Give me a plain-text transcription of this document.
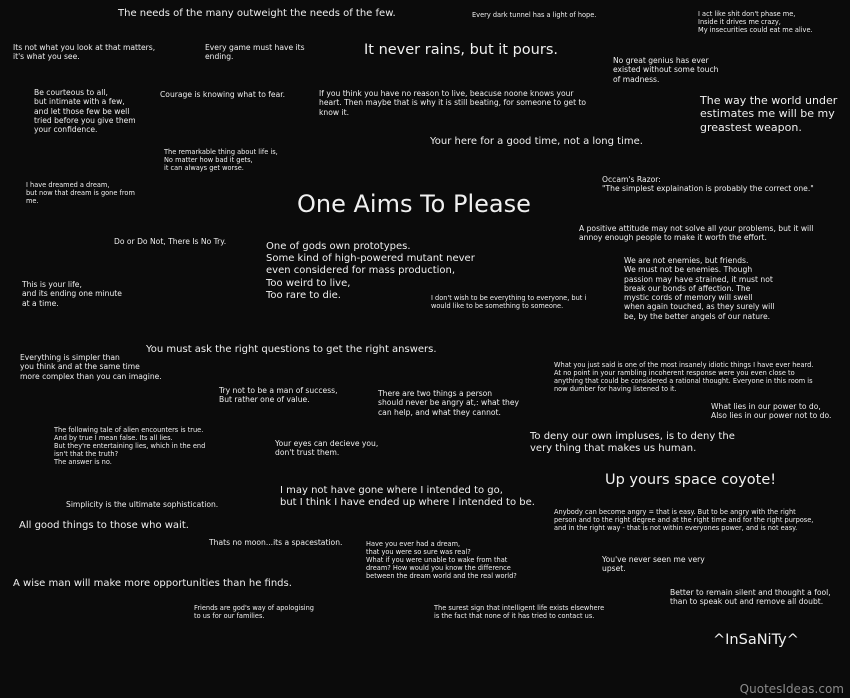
The needs of the many outweight the needs of the few.	Every dark tunnel has a light of hope.	I act like shit don't phase me,
Inside it drives me crazy,
My insecurities could eat me alive.
Its not what you look at that matters,
it's what you see.
Every game must have its
ending.	It never rains, but it pours.
No great genius has ever
existed without some touch
of madness.
Be courteous to all,
but intimate with a few,
and let those few be well
tried before you give them
your confidence.
Courage is knowing what to fear.	If you think you have no reason to live, beacuse noone knows your
heart. Then maybe that is why it is still beating, for someone to get to
know it.
The way the world under
estimates me will be my
greastest weapon.
The remarkable thing about life is,
No matter how bad it gets,
it can always get worse.
Your here for a good time, not a long time.
I have dreamed a dream,
but now that dream is gone from
me.
Occam's Razor:
"The simplest explaination is probably the correct one."
One Aims To Please
A positive attitude may not solve all your problems, but it will
annoy enough people to make it worth the effort.
Do or Do Not, There Is No Try.	One of gods own prototypes.
Some kind of high-powered mutant never
even considered for mass production,
Too weird to live,
Too rare to die.
We are not enemies, but friends.
We must not be enemies. Though
passion may have strained, it must not
break our bonds of affection. The
mystic cords of memory will swell
when again touched, as they surely will
be, by the better angels of our nature.
This is your life,
and its ending one minute
at a time.
I don't wish to be everything to everyone, but i
would like to be something to someone.
You must ask the right questions to get the right answers.
Everything is simpler than
you think and at the same time
more complex than you can imagine.
What you just said is one of the most insanely idiotic things I have ever heard.
At no point in your rambling incoherent response were you even close to
anything that could be considered a rational thought. Everyone in this room is
now dumber for having listened to it.
Try not to be a man of success,
But rather one of value.
There are two things a person
should never be angry at,: what they
can help, and what they cannot.
What lies in our power to do,
Also lies in our power not to do.
The following tale of alien encounters is true.
And by true I mean false. Its all lies.
But they're entertaining lies, which in the end
isn't that the truth?
The answer is no.
Your eyes can decieve you,
don't trust them.
To deny our own impluses, is to deny the
very thing that makes us human.
Up yours space coyote!
I may not have gone where I intended to go,
but I think I have ended up where I intended to be.
Simplicity is the ultimate sophistication.
Anybody can become angry = that is easy. But to be angry with the right
person and to the right degree and at the right time and for the right purpose,
and in the right way - that is not within everyones power, and is not easy.
All good things to those who wait.
Thats no moon...its a spacestation.	Have you ever had a dream,
that you were so sure was real?
What if you were unable to wake from that
dream? How would you know the difference
between the dream world and the real world?
You've never seen me very
upset.
A wise man will make more opportunities than he finds.
Better to remain silent and thought a fool,
than to speak out and remove all doubt.
Friends are god's way of apologising
to us for our families.
The surest sign that intelligent life exists elsewhere
is the fact that none of it has tried to contact us.
^InSaNiTy^
QuotesIdeas.com
